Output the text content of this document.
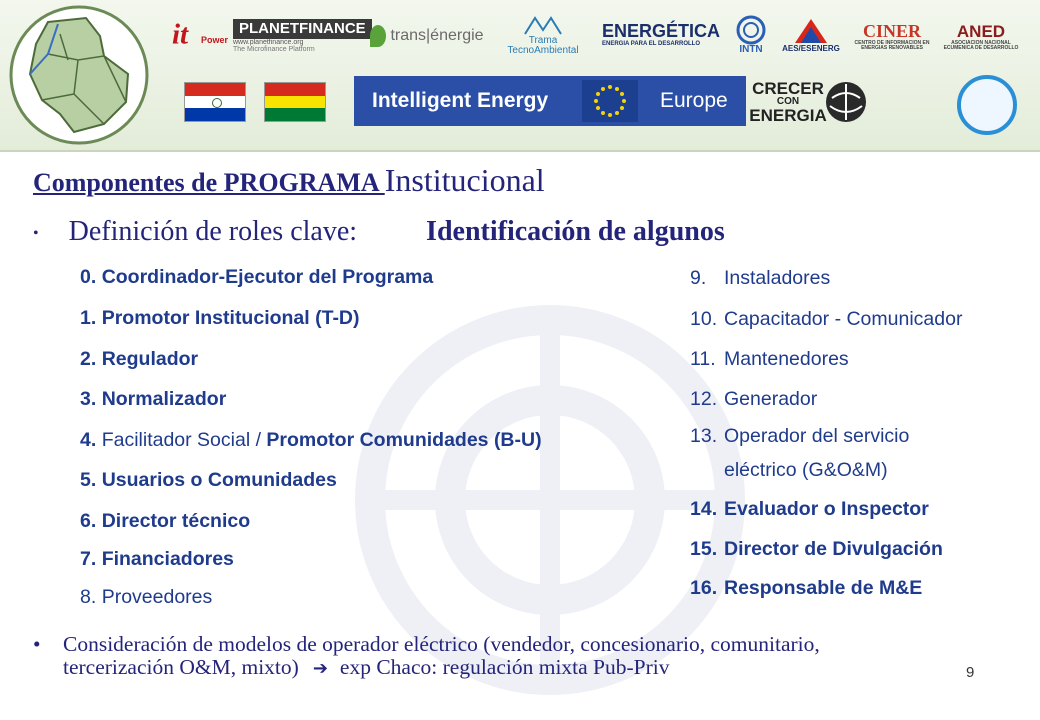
it Power
PLANETFINANCE
www.planetfinance.org
The Microfinance Platform
trans|énergie	Trama TecnoAmbiental
ENERGÉTICA
ENERGIA PARA EL DESARROLLO	INTN AES/ESENERG
CINER
CENTRO DE INFORMACION EN ENERGIAS RENOVABLES
ANED
ASOCIACION NACIONAL ECUMENICA DE DESARROLLO
Intelligent Energy	Europe
CRECER
CON
ENERGIA
Componentes de PROGRAMA Institucional
• Definición de roles clave: Identificación de algunos
0. Coordinador-Ejecutor del Programa
1. Promotor Institucional (T-D)
2. Regulador
3. Normalizador
4. Facilitador Social / Promotor Comunidades (B-U)
5. Usuarios o Comunidades
6. Director técnico
7. Financiadores
8. Proveedores
9. Instaladores
10. Capacitador - Comunicador
11. Mantenedores
12. Generador
13. Operador del servicio
eléctrico (G&O&M)
14. Evaluador o Inspector
15. Director de Divulgación
16. Responsable de M&E
• Consideración de modelos de operador eléctrico (vendedor, concesionario, comunitario,
tercerización O&M, mixto) ➔ exp Chaco: regulación mixta Pub-Priv	9
